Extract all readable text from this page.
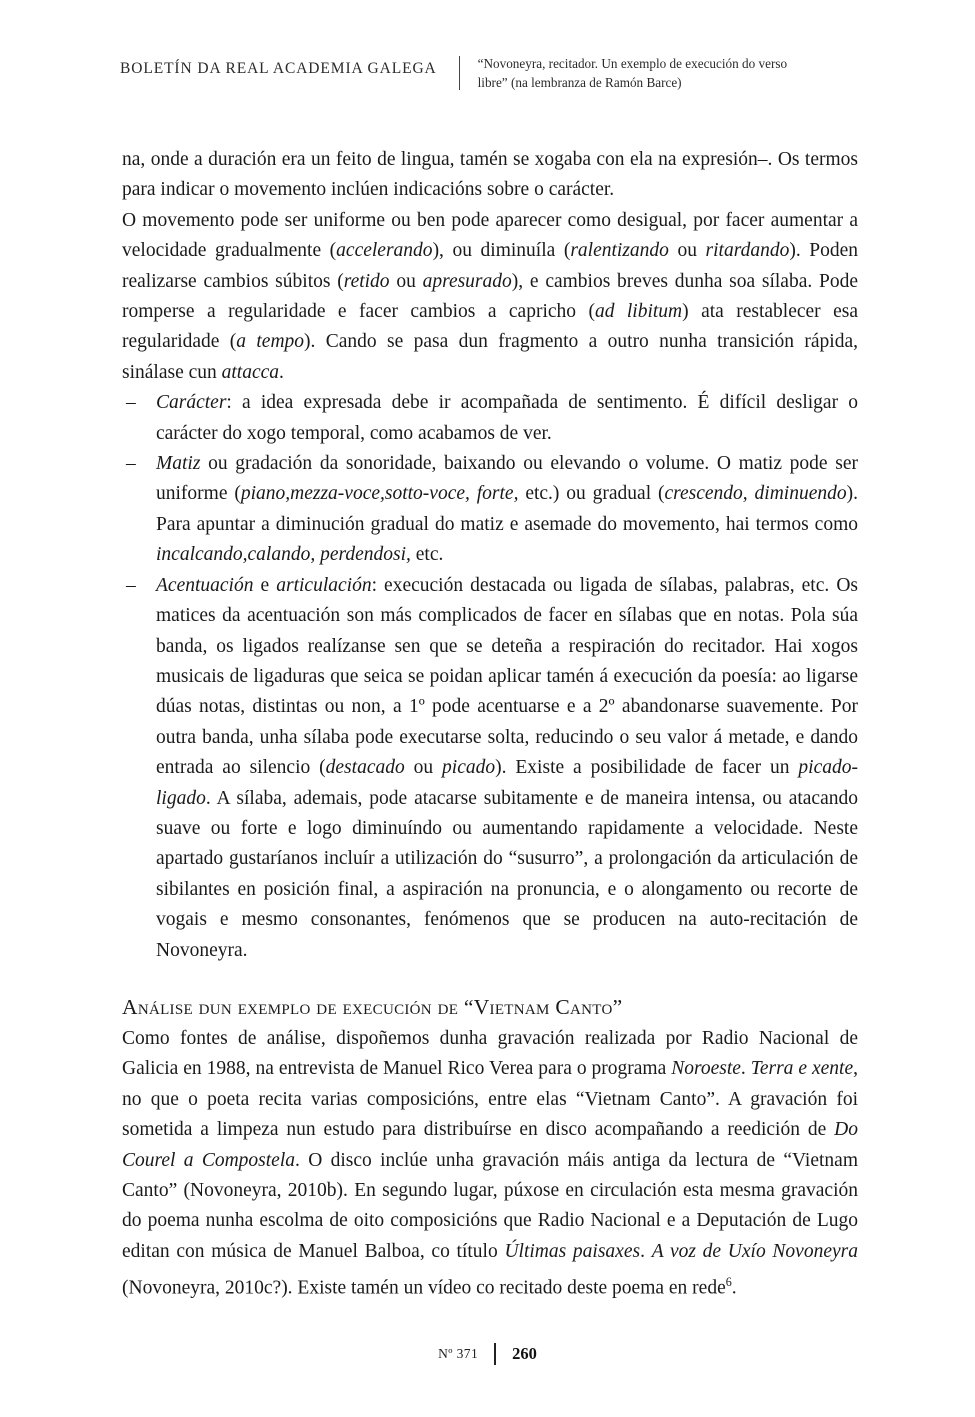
BOLETÍN DA REAL ACADEMIA GALEGA	“Novoneyra, recitador. Un exemplo de execución do verso libre” (na lembranza de Ramón Barce)

na, onde a duración era un feito de lingua, tamén se xogaba con ela na expresión–. Os termos para indicar o movemento inclúen indicacións sobre o carácter.

O movemento pode ser uniforme ou ben pode aparecer como desigual, por facer aumentar a velocidade gradualmente (accelerando), ou diminuíla (ralentizando ou ritardando). Poden realizarse cambios súbitos (retido ou apresurado), e cambios breves dunha soa sílaba. Pode romperse a regularidade e facer cambios a capricho (ad libitum) ata restablecer esa regularidade (a tempo). Cando se pasa dun fragmento a outro nunha transición rápida, sinálase cun attacca.

– Carácter: a idea expresada debe ir acompañada de sentimento. É difícil desligar o carácter do xogo temporal, como acabamos de ver.
– Matiz ou gradación da sonoridade, baixando ou elevando o volume. O matiz pode ser uniforme (piano,mezza-voce,sotto-voce, forte, etc.) ou gradual (crescendo, diminuendo). Para apuntar a diminución gradual do matiz e asemade do movemento, hai termos como incalcando,calando, perdendosi, etc.
– Acentuación e articulación: execución destacada ou ligada de sílabas, palabras, etc. Os matices da acentuación son más complicados de facer en sílabas que en notas. Pola súa banda, os ligados realízanse sen que se deteña a respiración do recitador. Hai xogos musicais de ligaduras que seica se poidan aplicar tamén á execución da poesía: ao ligarse dúas notas, distintas ou non, a 1º pode acentuarse e a 2º abandonarse suavemente. Por outra banda, unha sílaba pode executarse solta, reducindo o seu valor á metade, e dando entrada ao silencio (destacado ou picado). Existe a posibilidade de facer un picado-ligado. A sílaba, ademais, pode atacarse subitamente e de maneira intensa, ou atacando suave ou forte e logo diminuíndo ou aumentando rapidamente a velocidade. Neste apartado gustaríanos incluír a utilización do “susurro”, a prolongación da articulación de sibilantes en posición final, a aspiración na pronuncia, e o alongamento ou recorte de vogais e mesmo consonantes, fenómenos que se producen na auto-recitación de Novoneyra.
Análise dun exemplo de execución de “Vietnam Canto”

Como fontes de análise, dispoñemos dunha gravación realizada por Radio Nacional de Galicia en 1988, na entrevista de Manuel Rico Verea para o programa Noroeste. Terra e xente, no que o poeta recita varias composicións, entre elas “Vietnam Canto”. A gravación foi sometida a limpeza nun estudo para distribuírse en disco acompañando a reedición de Do Courel a Compostela. O disco inclúe unha gravación máis antiga da lectura de “Vietnam Canto” (Novoneyra, 2010b). En segundo lugar, púxose en circulación esta mesma gravación do poema nunha escolma de oito composicións que Radio Nacional e a Deputación de Lugo editan con música de Manuel Balboa, co título Últimas paisaxes. A voz de Uxío Novoneyra (Novoneyra, 2010c?). Existe tamén un vídeo co recitado deste poema en rede$^6$.

Nº 371	260
